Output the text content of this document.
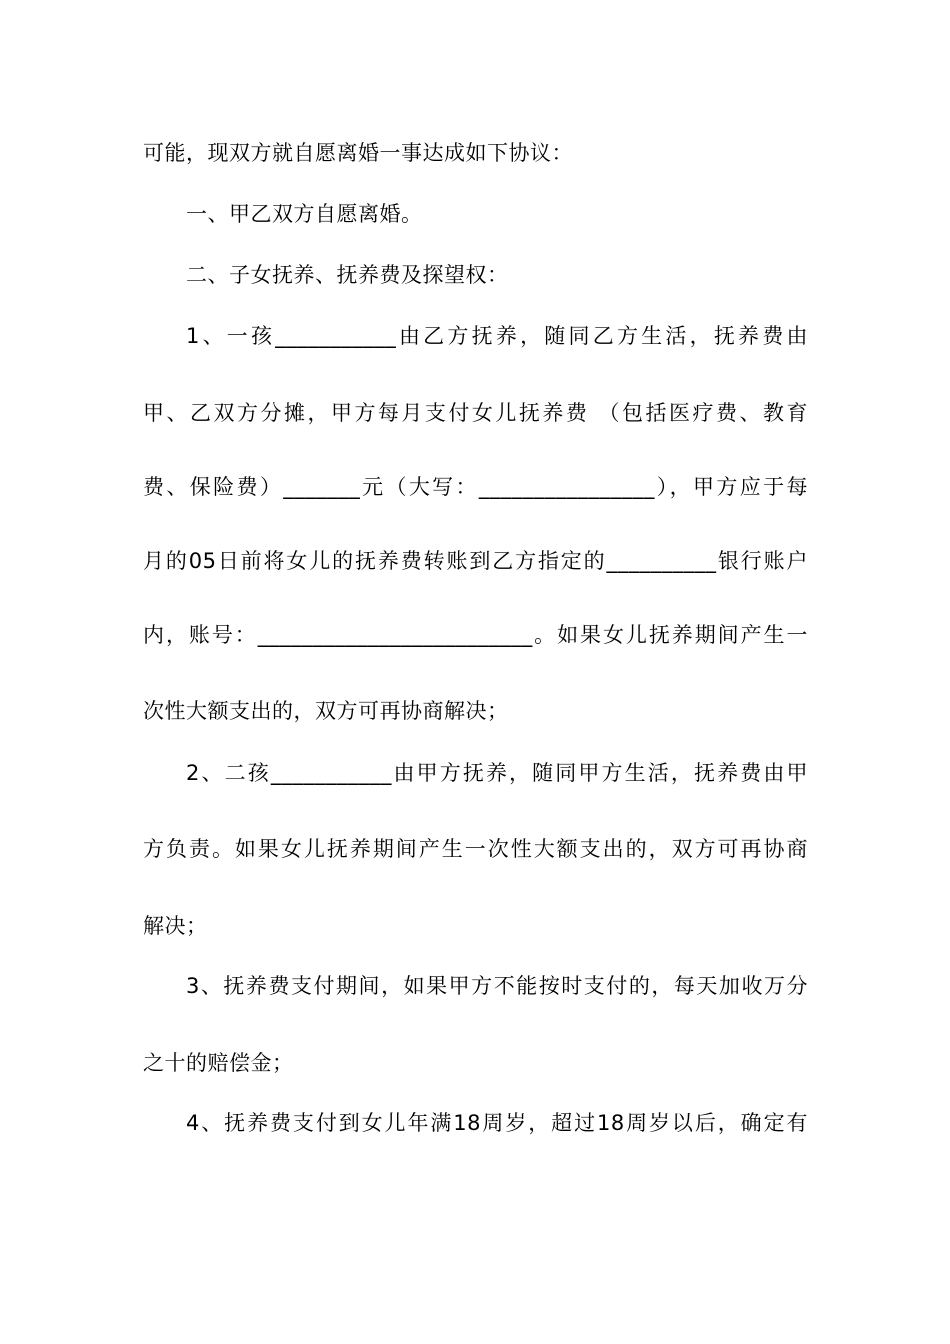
可能，现双方就自愿离婚一事达成如下协议：
一、甲乙双方自愿离婚。
二、子女抚养、抚养费及探望权：
1、一孩___________由乙方抚养，随同乙方生活，抚养费由
甲、乙双方分摊，甲方每月支付女儿抚养费 （包括医疗费、教育
费、保险费）_______元（大写：________________），甲方应于每
月的05日前将女儿的抚养费转账到乙方指定的__________银行账户
内，账号：_________________________。如果女儿抚养期间产生一
次性大额支出的，双方可再协商解决；
2、二孩___________由甲方抚养，随同甲方生活，抚养费由甲
方负责。如果女儿抚养期间产生一次性大额支出的，双方可再协商
解决；
3、抚养费支付期间，如果甲方不能按时支付的，每天加收万分
之十的赔偿金；
4、抚养费支付到女儿年满18周岁，超过18周岁以后，确定有
